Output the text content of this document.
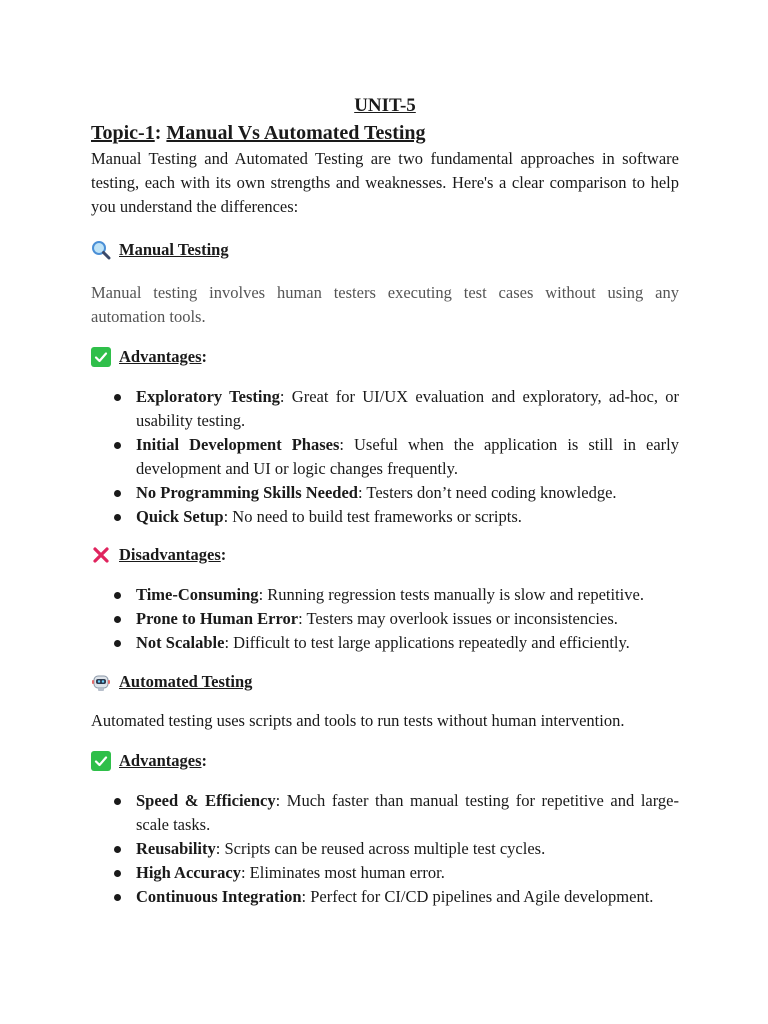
UNIT-5
Topic-1: Manual Vs Automated Testing

Manual Testing and Automated Testing are two fundamental approaches in software testing, each with its own strengths and weaknesses. Here's a clear comparison to help you understand the differences:

Manual Testing

Manual testing involves human testers executing test cases without using any automation tools.

Advantages :
Exploratory Testing: Great for UI/UX evaluation and exploratory, ad-hoc, or usability testing.
Initial Development Phases: Useful when the application is still in early development and UI or logic changes frequently.
No Programming Skills Needed: Testers don’t need coding knowledge.
Quick Setup: No need to build test frameworks or scripts.
Disadvantages :
Time-Consuming: Running regression tests manually is slow and repetitive.
Prone to Human Error: Testers may overlook issues or inconsistencies.
Not Scalable: Difficult to test large applications repeatedly and efficiently.
Automated Testing

Automated testing uses scripts and tools to run tests without human intervention.

Advantages :
Speed & Efficiency: Much faster than manual testing for repetitive and large-scale tasks.
Reusability: Scripts can be reused across multiple test cycles.
High Accuracy: Eliminates most human error.
Continuous Integration: Perfect for CI/CD pipelines and Agile development.
